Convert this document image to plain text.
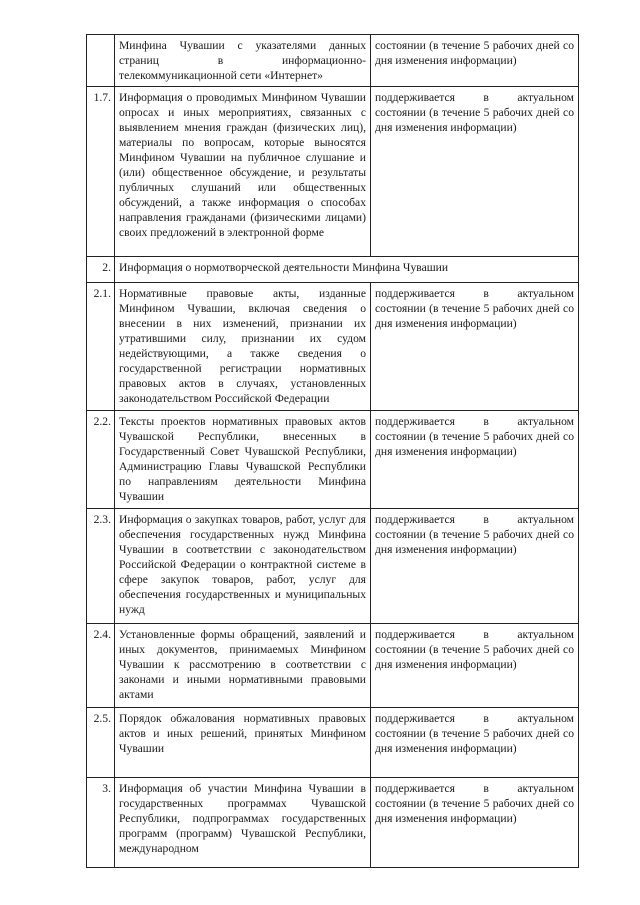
	Минфина Чувашии с указателями данных страниц в информационно-телекоммуникационной сети «Интернет»	состоянии (в течение 5 рабочих дней со дня изменения информации)
1.7.	Информация о проводимых Минфином Чувашии опросах и иных мероприятиях, связанных с выявлением мнения граждан (физических лиц), материалы по вопросам, которые выносятся Минфином Чувашии на публичное слушание и (или) общественное обсуждение, и результаты публичных слушаний или общественных обсуждений, а также информация о способах направления гражданами (физическими лицами) своих предложений в электронной форме	поддерживается в актуальном состоянии (в течение 5 рабочих дней со дня изменения информации)
2.	Информация о нормотворческой деятельности Минфина Чувашии	
2.1.	Нормативные правовые акты, изданные Минфином Чувашии, включая сведения о внесении в них изменений, признании их утратившими силу, признании их судом недействующими, а также сведения о государственной регистрации нормативных правовых актов в случаях, установленных законодательством Российской Федерации	поддерживается в актуальном состоянии (в течение 5 рабочих дней со дня изменения информации)
2.2.	Тексты проектов нормативных правовых актов Чувашской Республики, внесенных в Государственный Совет Чувашской Республики, Администрацию Главы Чувашской Республики по направлениям деятельности Минфина Чувашии	поддерживается в актуальном состоянии (в течение 5 рабочих дней со дня изменения информации)
2.3.	Информация о закупках товаров, работ, услуг для обеспечения государственных нужд Минфина Чувашии в соответствии с законодательством Российской Федерации о контрактной системе в сфере закупок товаров, работ, услуг для обеспечения государственных и муниципальных нужд	поддерживается в актуальном состоянии (в течение 5 рабочих дней со дня изменения информации)
2.4.	Установленные формы обращений, заявлений и иных документов, принимаемых Минфином Чувашии к рассмотрению в соответствии с законами и иными нормативными правовыми актами	поддерживается в актуальном состоянии (в течение 5 рабочих дней со дня изменения информации)
2.5.	Порядок обжалования нормативных правовых актов и иных решений, принятых Минфином Чувашии	поддерживается в актуальном состоянии (в течение 5 рабочих дней со дня изменения информации)
3.	Информация об участии Минфина Чувашии в государственных программах Чувашской Республики, подпрограммах государственных программ (программ) Чувашской Республики, международном	поддерживается в актуальном состоянии (в течение 5 рабочих дней со дня изменения информации)
